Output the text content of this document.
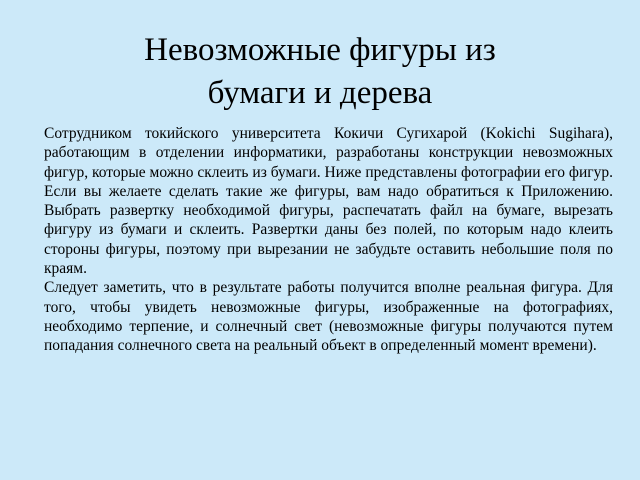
Невозможные фигуры из
бумаги и дерева

Сотрудником токийского университета Кокичи Сугихарой (Kokichi Sugihara), работающим в отделении информатики, разработаны конструкции невозможных фигур, которые можно склеить из бумаги. Ниже представлены фотографии его фигур. Если вы желаете сделать такие же фигуры, вам надо обратиться к Приложению. Выбрать развертку необходимой фигуры, распечатать файл на бумаге, вырезать фигуру из бумаги и склеить. Развертки даны без полей, по которым надо клеить стороны фигуры, поэтому при вырезании не забудьте оставить небольшие поля по краям.

Следует заметить, что в результате работы получится вполне реальная фигура. Для того, чтобы увидеть невозможные фигуры, изображенные на фотографиях, необходимо терпение, и солнечный свет (невозможные фигуры получаются путем попадания солнечного света на реальный объект в определенный момент времени).
